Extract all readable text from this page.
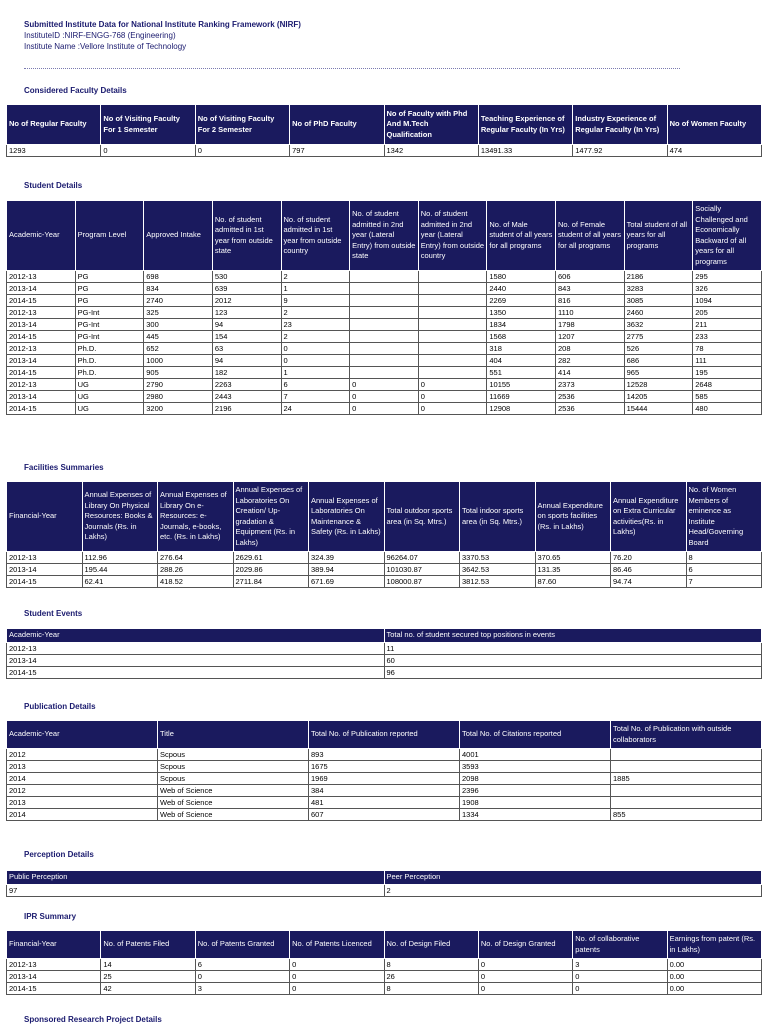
Submitted Institute Data for National Institute Ranking Framework (NIRF)
InstituteID :NIRF-ENGG-768 (Engineering)
Institute Name :Vellore Institute of Technology
Considered Faculty Details
No of Regular Faculty	No of Visiting Faculty For 1 Semester	No of Visiting Faculty For 2 Semester	No of PhD Faculty	No of Faculty with Phd And M.Tech Qualification	Teaching Experience of Regular Faculty (In Yrs)	Industry Experience of Regular Faculty (In Yrs)	No of Women Faculty
1293	0	0	797	1342	13491.33	1477.92	474
Student Details
Academic-Year	Program Level	Approved Intake	No. of student admitted in 1st year from outside state	No. of student admitted in 1st year from outside country	No. of student admitted in 2nd year (Lateral Entry) from outside state	No. of student admitted in 2nd year (Lateral Entry) from outside country	No. of Male student of all years for all programs	No. of Female student of all years for all programs	Total student of all years for all programs	Socially Challenged and Economically Backward of all years for all programs
2012-13	PG	698	530	2			1580	606	2186	295
2013-14	PG	834	639	1			2440	843	3283	326
2014-15	PG	2740	2012	9			2269	816	3085	1094
2012-13	PG-Int	325	123	2			1350	1110	2460	205
2013-14	PG-Int	300	94	23			1834	1798	3632	211
2014-15	PG-Int	445	154	2			1568	1207	2775	233
2012-13	Ph.D.	652	63	0			318	208	526	78
2013-14	Ph.D.	1000	94	0			404	282	686	111
2014-15	Ph.D.	905	182	1			551	414	965	195
2012-13	UG	2790	2263	6	0	0	10155	2373	12528	2648
2013-14	UG	2980	2443	7	0	0	11669	2536	14205	585
2014-15	UG	3200	2196	24	0	0	12908	2536	15444	480
Facilities Summaries
Financial-Year	Annual Expenses of Library On Physical Resources: Books & Journals (Rs. in Lakhs)	Annual Expenses of Library On e-Resources: e-Journals, e-books, etc. (Rs. in Lakhs)	Annual Expenses of Laboratories On Creation/ Up-gradation & Equipment (Rs. in Lakhs)	Annual Expenses of Laboratories On Maintenance & Safety (Rs. in Lakhs)	Total outdoor sports area (in Sq. Mtrs.)	Total indoor sports area (in Sq. Mtrs.)	Annual Expenditure on sports facilities (Rs. in Lakhs)	Annual Expenditure on Extra Curricular activities(Rs. in Lakhs)	No. of Women Members of eminence as Institute Head/Governing Board
2012-13	112.96	276.64	2629.61	324.39	96264.07	3370.53	370.65	76.20	8
2013-14	195.44	288.26	2029.86	389.94	101030.87	3642.53	131.35	86.46	6
2014-15	62.41	418.52	2711.84	671.69	108000.87	3812.53	87.60	94.74	7
Student Events
Academic-Year	Total no. of student secured top positions in events
2012-13	11
2013-14	60
2014-15	96
Publication Details
Academic-Year	Title	Total No. of Publication reported	Total No. of Citations reported	Total No. of Publication with outside collaborators
2012	Scpous	893	4001	
2013	Scpous	1675	3593	
2014	Scpous	1969	2098	1885
2012	Web of Science	384	2396	
2013	Web of Science	481	1908	
2014	Web of Science	607	1334	855
Perception Details
Public Perception	Peer Perception
97	2
IPR Summary
Financial-Year	No. of Patents Filed	No. of Patents Granted	No. of Patents Licenced	No. of Design Filed	No. of Design Granted	No. of collaborative patents	Earnings from patent (Rs. in Lakhs)
2012-13	14	6	0	8	0	3	0.00
2013-14	25	0	0	26	0	0	0.00
2014-15	42	3	0	8	0	0	0.00
Sponsored Research Project Details
